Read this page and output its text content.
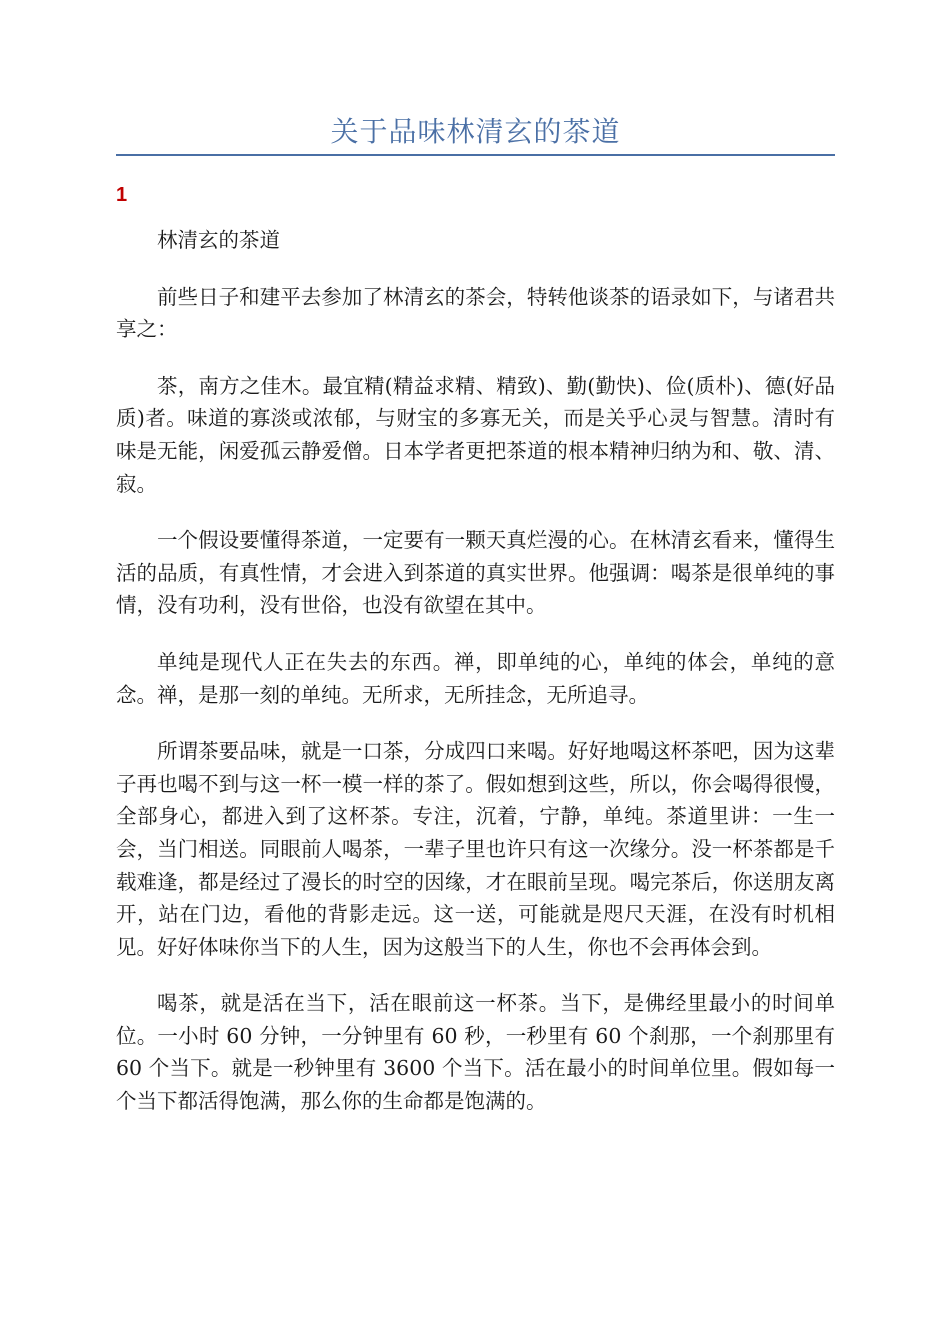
关于品味林清玄的茶道
1

林清玄的茶道

前些日子和建平去参加了林清玄的茶会，特转他谈茶的语录如下，与诸君共享之：

茶，南方之佳木。最宜精(精益求精、精致)、勤(勤快)、俭(质朴)、德(好品质)者。味道的寡淡或浓郁，与财宝的多寡无关，而是关乎心灵与智慧。清时有味是无能，闲爱孤云静爱僧。日本学者更把茶道的根本精神归纳为和、敬、清、寂。

一个假设要懂得茶道，一定要有一颗天真烂漫的心。在林清玄看来，懂得生活的品质，有真性情，才会进入到茶道的真实世界。他强调：喝茶是很单纯的事情，没有功利，没有世俗，也没有欲望在其中。

单纯是现代人正在失去的东西。禅，即单纯的心，单纯的体会，单纯的意念。禅，是那一刻的单纯。无所求，无所挂念，无所追寻。

所谓茶要品味，就是一口茶，分成四口来喝。好好地喝这杯茶吧，因为这辈子再也喝不到与这一杯一模一样的茶了。假如想到这些，所以，你会喝得很慢，全部身心，都进入到了这杯茶。专注，沉着，宁静，单纯。茶道里讲：一生一会，当门相送。同眼前人喝茶，一辈子里也许只有这一次缘分。没一杯茶都是千载难逢，都是经过了漫长的时空的因缘，才在眼前呈现。喝完茶后，你送朋友离开，站在门边，看他的背影走远。这一送，可能就是咫尺天涯，在没有时机相见。好好体味你当下的人生，因为这般当下的人生，你也不会再体会到。

喝茶，就是活在当下，活在眼前这一杯茶。当下，是佛经里最小的时间单位。一小时 60 分钟，一分钟里有 60 秒，一秒里有 60 个刹那，一个刹那里有 60 个当下。就是一秒钟里有 3600 个当下。活在最小的时间单位里。假如每一个当下都活得饱满，那么你的生命都是饱满的。
